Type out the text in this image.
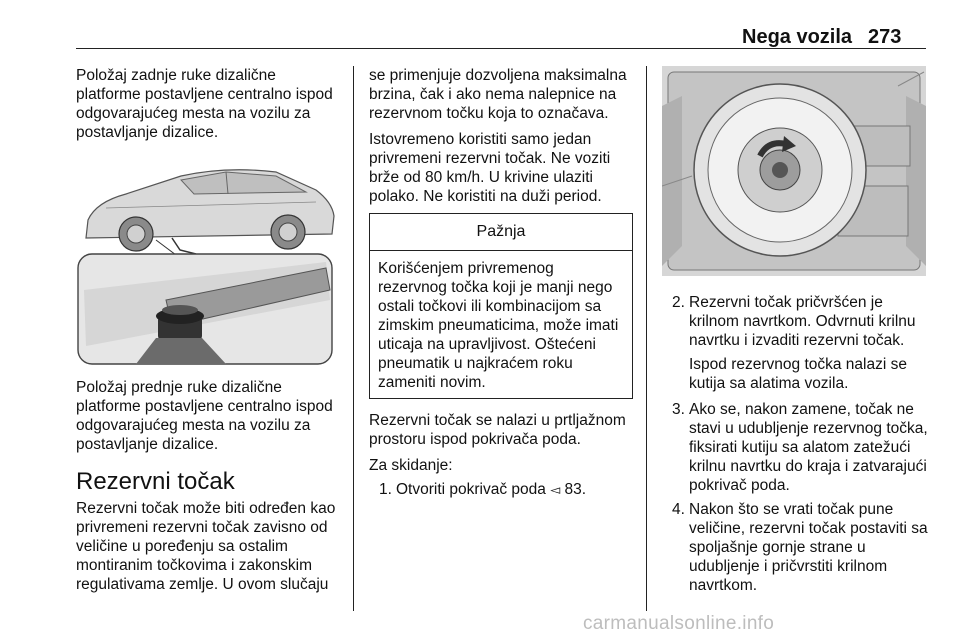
Nega vozila 273

Položaj zadnje ruke dizalične platforme postavljene centralno ispod odgovarajućeg mesta na vozilu za postavljanje dizalice.

Položaj prednje ruke dizalične platforme postavljene centralno ispod odgovarajućeg mesta na vozilu za postavljanje dizalice.

Rezervni točak

Rezervni točak može biti određen kao privremeni rezervni točak zavisno od veličine u poređenju sa ostalim montiranim točkovima i zakonskim regulativama zemlje. U ovom slučaju

se primenjuje dozvoljena maksimalna brzina, čak i ako nema nalepnice na rezervnom točku koja to označava.

Istovremeno koristiti samo jedan privremeni rezervni točak. Ne voziti brže od 80 km/h. U krivine ulaziti polako. Ne koristiti na duži period.

Pažnja
Korišćenjem privremenog rezervnog točka koji je manji nego ostali točkovi ili kombinacijom sa zimskim pneumaticima, može imati uticaja na upravljivost. Oštećeni pneumatik u najkraćem roku zameniti novim.

Rezervni točak se nalazi u prtljažnom prostoru ispod pokrivača poda.

Za skidanje:

1. Otvoriti pokrivač poda ◅ 83.
2. Rezervni točak pričvršćen je krilnom navrtkom. Odvrnuti krilnu navrtku i izvaditi rezervni točak.
Ispod rezervnog točka nalazi se kutija sa alatima vozila.
3. Ako se, nakon zamene, točak ne stavi u udubljenje rezervnog točka, fiksirati kutiju sa alatom zatežući krilnu navrtku do kraja i zatvarajući pokrivač poda.
4. Nakon što se vrati točak pune veličine, rezervni točak postaviti sa spoljašnje gornje strane u udubljenje i pričvrstiti krilnom navrtkom.
carmanualsonline.info
